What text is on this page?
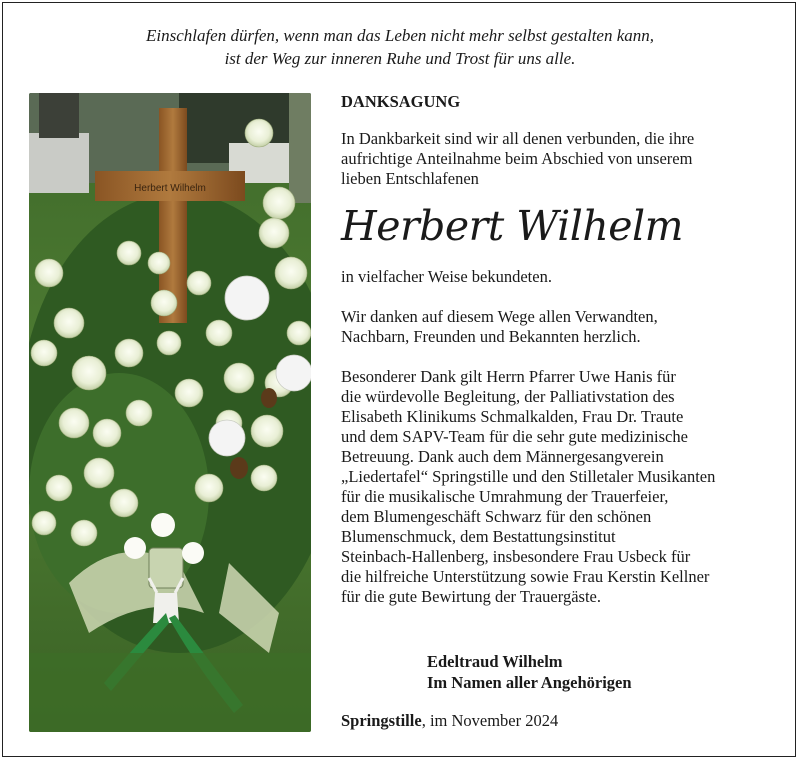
Einschlafen dürfen, wenn man das Leben nicht mehr selbst gestalten kann,
ist der Weg zur inneren Ruhe und Trost für uns alle.
Herbert Wilhelm
DANKSAGUNG
In Dankbarkeit sind wir all denen verbunden, die ihre
aufrichtige Anteilnahme beim Abschied von unserem
lieben Entschlafenen
Herbert Wilhelm
in vielfacher Weise bekundeten.
Wir danken auf diesem Wege allen Verwandten,
Nachbarn, Freunden und Bekannten herzlich.
Besonderer Dank gilt Herrn Pfarrer Uwe Hanis für
die würdevolle Begleitung, der Palliativstation des
Elisabeth Klinikums Schmalkalden, Frau Dr. Traute
und dem SAPV-Team für die sehr gute medizinische
Betreuung. Dank auch dem Männergesangverein
„Liedertafel“ Springstille und den Stilletaler Musikanten
für die musikalische Umrahmung der Trauerfeier,
dem Blumengeschäft Schwarz für den schönen
Blumenschmuck, dem Bestattungsinstitut
Steinbach-Hallenberg, insbesondere Frau Usbeck für
die hilfreiche Unterstützung sowie Frau Kerstin Kellner
für die gute Bewirtung der Trauergäste.
Edeltraud Wilhelm
Im Namen aller Angehörigen
Springstille, im November 2024
